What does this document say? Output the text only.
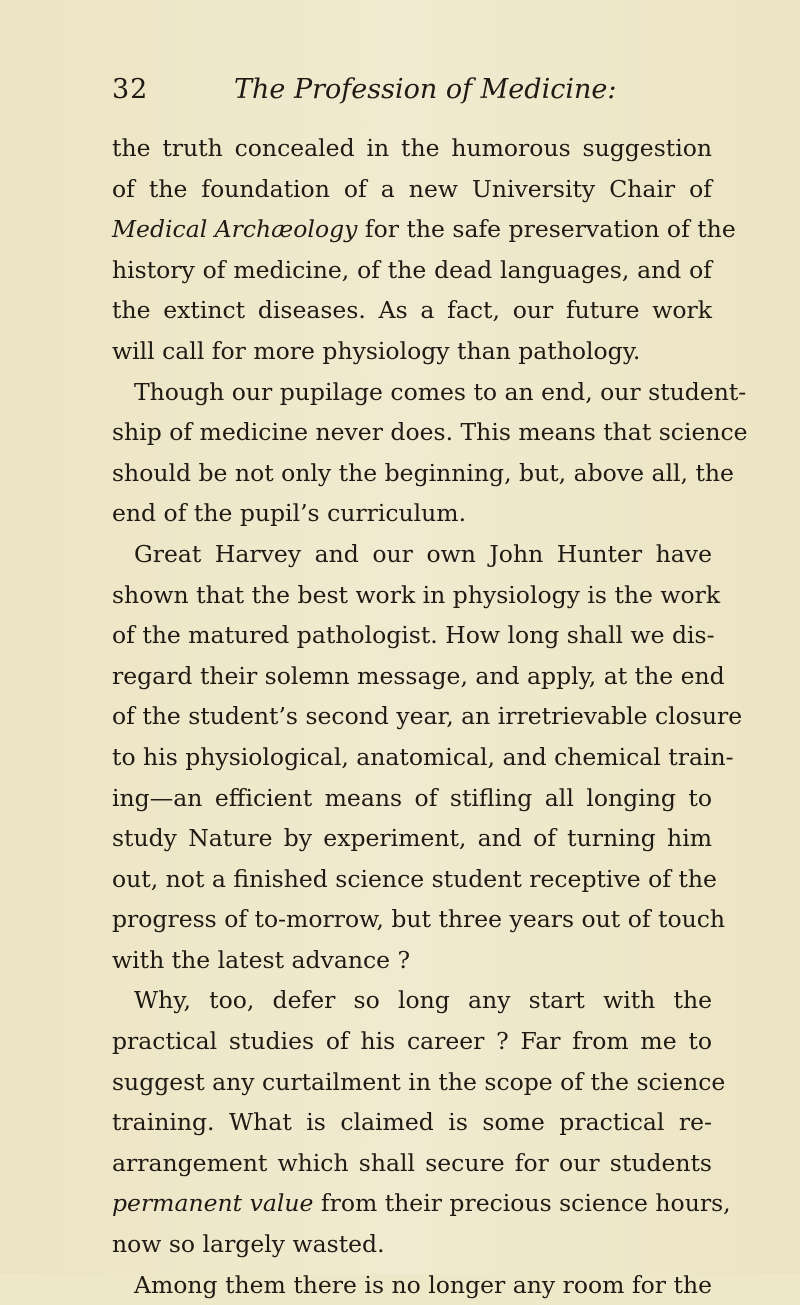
32	The Profession of Medicine:
the truth concealed in the humorous suggestion
of the foundation of a new University Chair of
Medical Archæology for the safe preservation of the
history of medicine, of the dead languages, and of
the extinct diseases. As a fact, our future work
will call for more physiology than pathology.
Though our pupilage comes to an end, our student-
ship of medicine never does. This means that science
should be not only the beginning, but, above all, the
end of the pupil’s curriculum.
Great Harvey and our own John Hunter have
shown that the best work in physiology is the work
of the matured pathologist. How long shall we dis-
regard their solemn message, and apply, at the end
of the student’s second year, an irretrievable closure
to his physiological, anatomical, and chemical train-
ing—an efficient means of stifling all longing to
study Nature by experiment, and of turning him
out, not a finished science student receptive of the
progress of to-morrow, but three years out of touch
with the latest advance ?
Why, too, defer so long any start with the
practical studies of his career ? Far from me to
suggest any curtailment in the scope of the science
training. What is claimed is some practical re-
arrangement which shall secure for our students
permanent value from their precious science hours,
now so largely wasted.
Among them there is no longer any room for the
